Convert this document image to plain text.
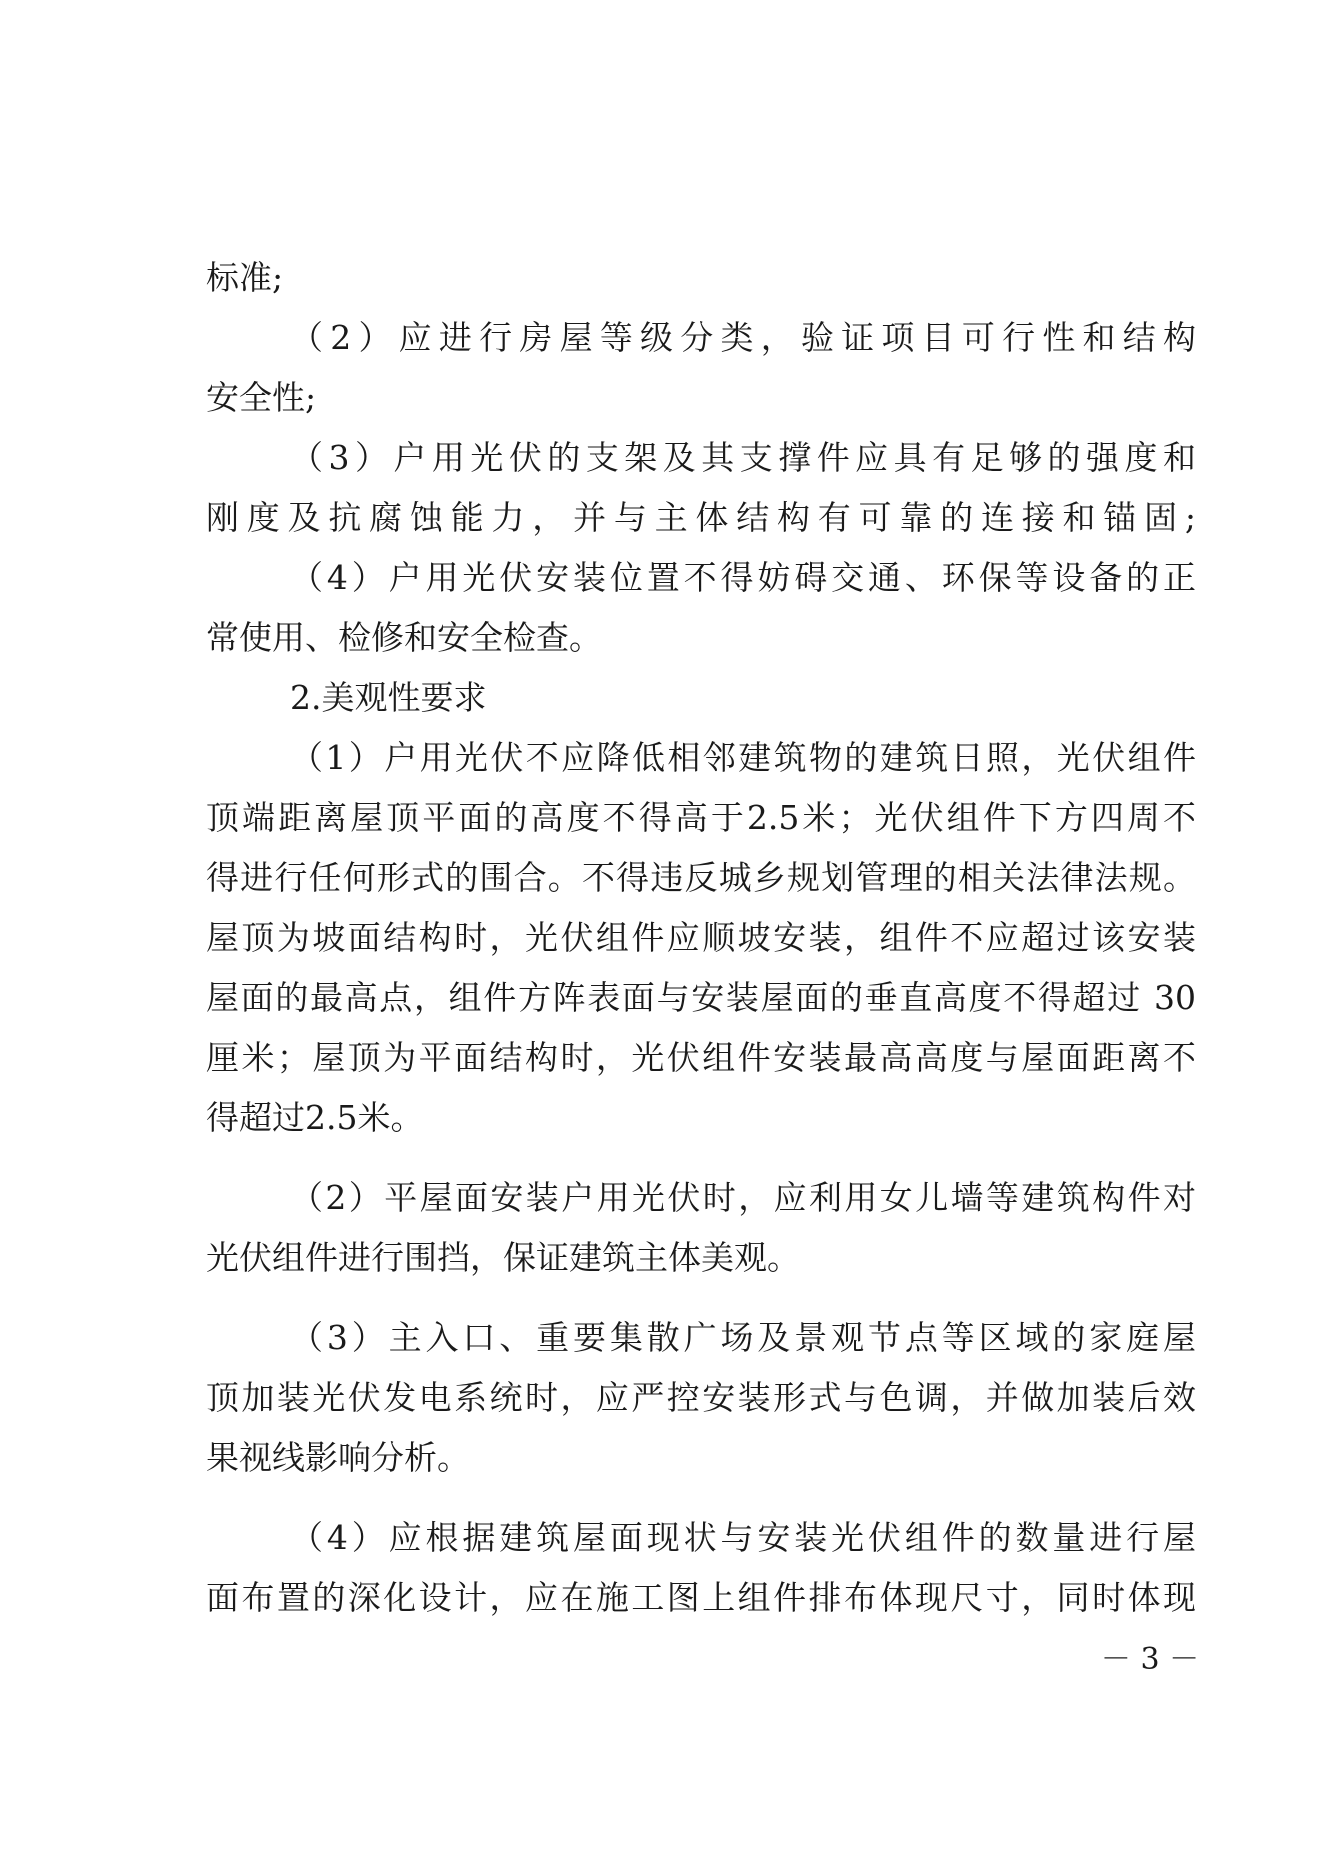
标准;
（2）应进行房屋等级分类，验证项目可行性和结构
安全性;
（3）户用光伏的支架及其支撑件应具有足够的强度和
刚度及抗腐蚀能力，并与主体结构有可靠的连接和锚固;
（4）户用光伏安装位置不得妨碍交通、环保等设备的正
常使用、检修和安全检查。
2.美观性要求
（1）户用光伏不应降低相邻建筑物的建筑日照，光伏组件
顶端距离屋顶平面的高度不得高于2.5米；光伏组件下方四周不
得进行任何形式的围合。不得违反城乡规划管理的相关法律法规。
屋顶为坡面结构时，光伏组件应顺坡安装，组件不应超过该安装
屋面的最高点，组件方阵表面与安装屋面的垂直高度不得超过 30
厘米；屋顶为平面结构时，光伏组件安装最高高度与屋面距离不
得超过2.5米。
（2）平屋面安装户用光伏时，应利用女儿墙等建筑构件对
光伏组件进行围挡，保证建筑主体美观。
（3）主入口、重要集散广场及景观节点等区域的家庭屋
顶加装光伏发电系统时，应严控安装形式与色调，并做加装后效
果视线影响分析。
（4）应根据建筑屋面现状与安装光伏组件的数量进行屋
面布置的深化设计，应在施工图上组件排布体现尺寸，同时体现
－ 3 －
